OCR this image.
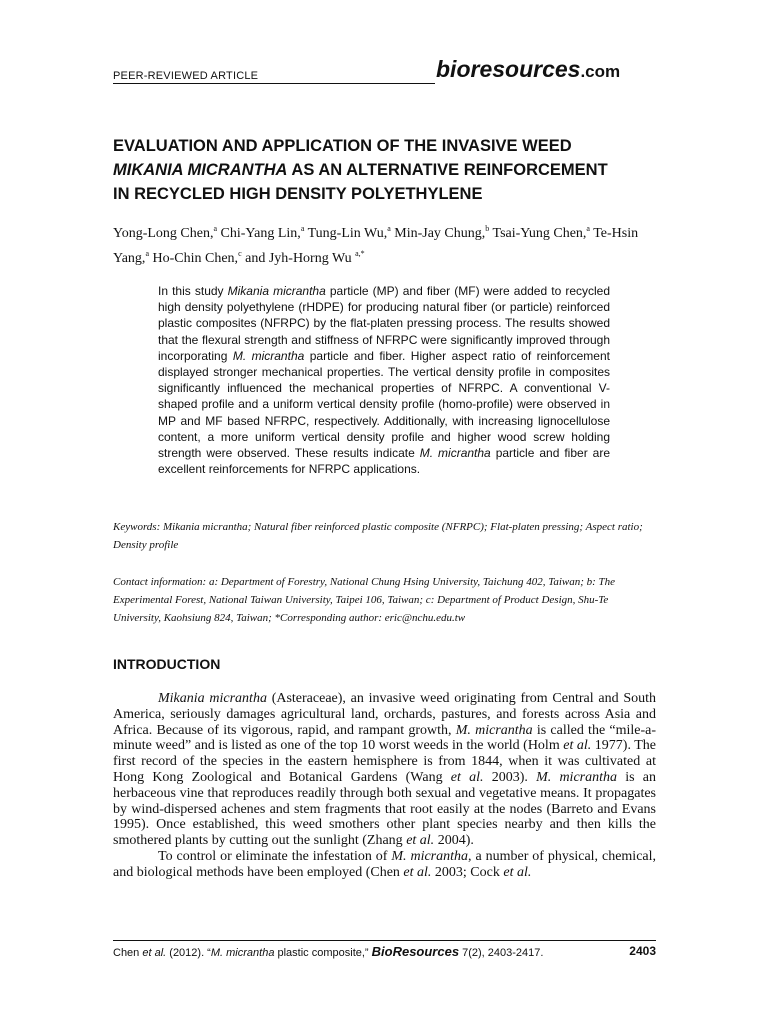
PEER-REVIEWED ARTICLE	bioresources.com
EVALUATION AND APPLICATION OF THE INVASIVE WEED
MIKANIA MICRANTHA AS AN ALTERNATIVE REINFORCEMENT
IN RECYCLED HIGH DENSITY POLYETHYLENE
Yong-Long Chen,$^a$ Chi-Yang Lin,$^a$ Tung-Lin Wu,$^a$ Min-Jay Chung,$^b$ Tsai-Yung Chen,$^a$ Te-Hsin Yang,$^a$ Ho-Chin Chen,$^c$ and Jyh-Horng Wu $^{a,*}$
In this study Mikania micrantha particle (MP) and fiber (MF) were added to recycled high density polyethylene (rHDPE) for producing natural fiber (or particle) reinforced plastic composites (NFRPC) by the flat-platen pressing process. The results showed that the flexural strength and stiffness of NFRPC were significantly improved through incorporating M. micrantha particle and fiber. Higher aspect ratio of reinforcement displayed stronger mechanical properties. The vertical density profile in composites significantly influenced the mechanical properties of NFRPC. A conventional V-shaped profile and a uniform vertical density profile (homo-profile) were observed in MP and MF based NFRPC, respectively. Additionally, with increasing lignocellulose content, a more uniform vertical density profile and higher wood screw holding strength were observed. These results indicate M. micrantha particle and fiber are excellent reinforcements for NFRPC applications.
Keywords: Mikania micrantha; Natural fiber reinforced plastic composite (NFRPC); Flat-platen pressing; Aspect ratio; Density profile
Contact information: a: Department of Forestry, National Chung Hsing University, Taichung 402, Taiwan; b: The Experimental Forest, National Taiwan University, Taipei 106, Taiwan; c: Department of Product Design, Shu-Te University, Kaohsiung 824, Taiwan; *Corresponding author: eric@nchu.edu.tw
INTRODUCTION

Mikania micrantha (Asteraceae), an invasive weed originating from Central and South America, seriously damages agricultural land, orchards, pastures, and forests across Asia and Africa. Because of its vigorous, rapid, and rampant growth, M. micrantha is called the “mile-a-minute weed” and is listed as one of the top 10 worst weeds in the world (Holm et al. 1977). The first record of the species in the eastern hemisphere is from 1844, when it was cultivated at Hong Kong Zoological and Botanical Gardens (Wang et al. 2003). M. micrantha is an herbaceous vine that reproduces readily through both sexual and vegetative means. It propagates by wind-dispersed achenes and stem fragments that root easily at the nodes (Barreto and Evans 1995). Once established, this weed smothers other plant species nearby and then kills the smothered plants by cutting out the sunlight (Zhang et al. 2004).

To control or eliminate the infestation of M. micrantha, a number of physical, chemical, and biological methods have been employed (Chen et al. 2003; Cock et al.

Chen et al. (2012). “M. micrantha plastic composite,” BioResources 7(2), 2403-2417.	2403
